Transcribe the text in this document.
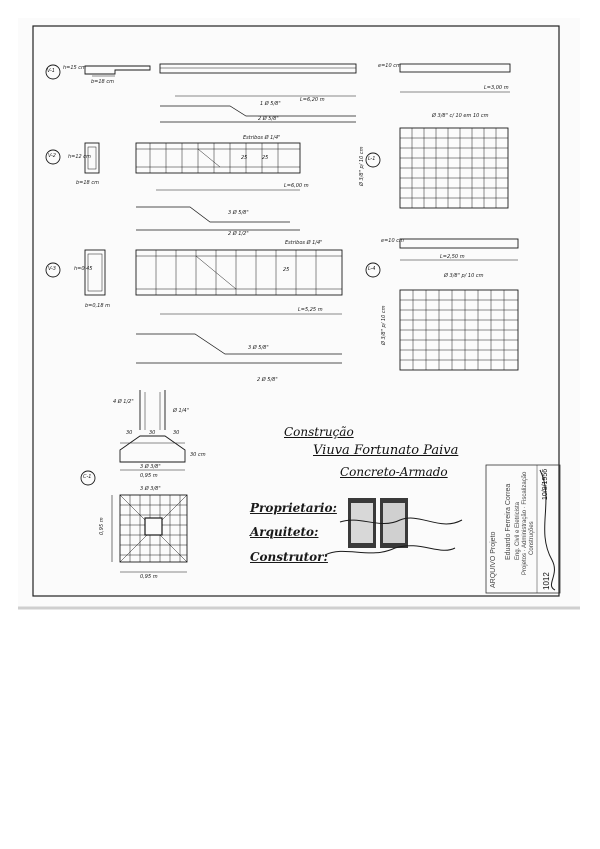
V-1 h=15 cm
b=18 cm
L=6,20 m
1 Ø 5/8"
2 Ø 5/8"
V-2 h=12 cm
b=18 cm
Estribos Ø 1/4"
25	25
L=6,00 m
3 Ø 5/8"
2 Ø 1/2"
V-3	h=0,45
b=0,18 m
Estribos Ø 1/4"
25
L=5,25 m
3 Ø 5/8"
2 Ø 5/8"
L-1
e=10 cm
L=3,00 m
Ø 3/8" c/ 10 em 10 cm
Ø 3/8" p/ 10 cm
L-4
e=10 cm
L=2,50 m
Ø 3/8" p/ 10 cm
Ø 3/8" p/ 10 cm
C-1
4 Ø 1/2"
Ø 1/4"
30	30	30
30 cm
3 Ø 3/8"
0,95 m
3 Ø 3/8"
0,95 m
0,95 m
Construção
Viuva Fortunato Paiva
Concreto-Armado
Proprietario:
Arquiteto:
Construtor:	Eduardo Ferreira Correa Eng. Civil e Eletricista Projetos · Administração · Fiscalização Construções
ARQUIVO Projeto
10/9/1956
1012
